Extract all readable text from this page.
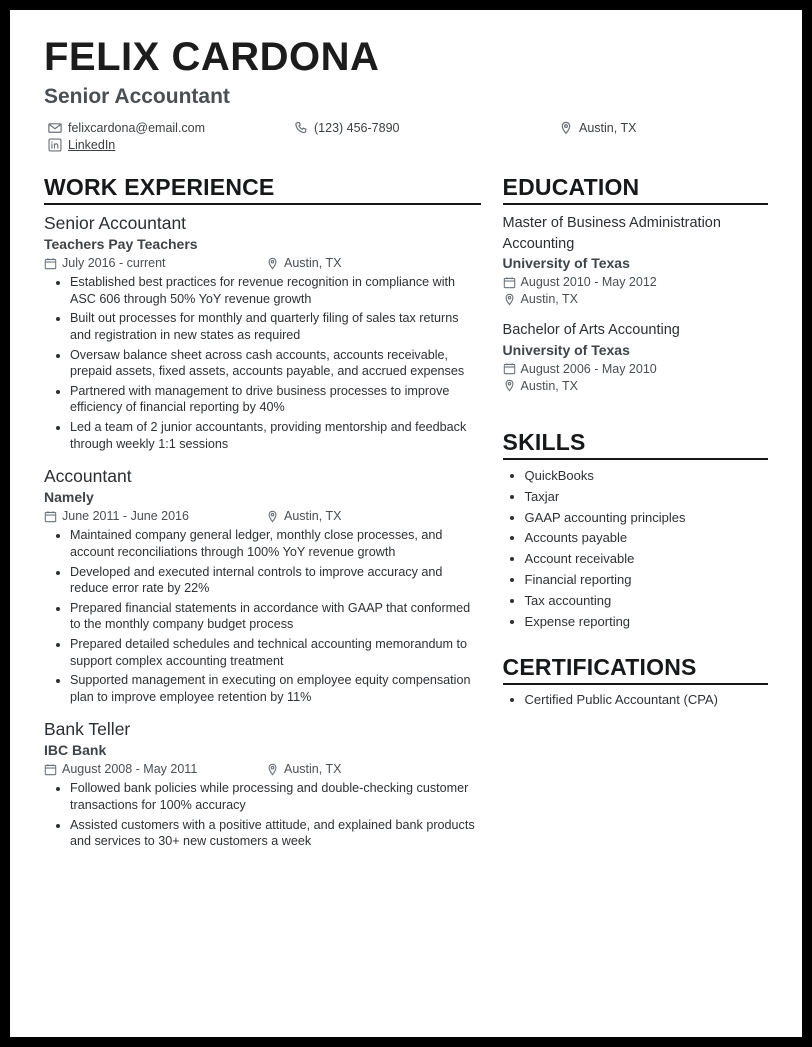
FELIX CARDONA
Senior Accountant
felixcardona@email.com	(123) 456-7890	Austin, TX
LinkedIn
WORK EXPERIENCE
Senior Accountant
Teachers Pay Teachers
July 2016 - current	Austin, TX
• Established best practices for revenue recognition in compliance with ASC 606 through 50% YoY revenue growth
• Built out processes for monthly and quarterly filing of sales tax returns and registration in new states as required
• Oversaw balance sheet across cash accounts, accounts receivable, prepaid assets, fixed assets, accounts payable, and accrued expenses
• Partnered with management to drive business processes to improve efficiency of financial reporting by 40%
• Led a team of 2 junior accountants, providing mentorship and feedback through weekly 1:1 sessions
Accountant
Namely
June 2011 - June 2016	Austin, TX
• Maintained company general ledger, monthly close processes, and account reconciliations through 100% YoY revenue growth
• Developed and executed internal controls to improve accuracy and reduce error rate by 22%
• Prepared financial statements in accordance with GAAP that conformed to the monthly company budget process
• Prepared detailed schedules and technical accounting memorandum to support complex accounting treatment
• Supported management in executing on employee equity compensation plan to improve employee retention by 11%
Bank Teller
IBC Bank
August 2008 - May 2011	Austin, TX
• Followed bank policies while processing and double-checking customer transactions for 100% accuracy
• Assisted customers with a positive attitude, and explained bank products and services to 30+ new customers a week
EDUCATION
Master of Business Administration Accounting
University of Texas
August 2010 - May 2012
Austin, TX
Bachelor of Arts Accounting
University of Texas
August 2006 - May 2010
Austin, TX
SKILLS
• QuickBooks
• Taxjar
• GAAP accounting principles
• Accounts payable
• Account receivable
• Financial reporting
• Tax accounting
• Expense reporting
CERTIFICATIONS
• Certified Public Accountant (CPA)
